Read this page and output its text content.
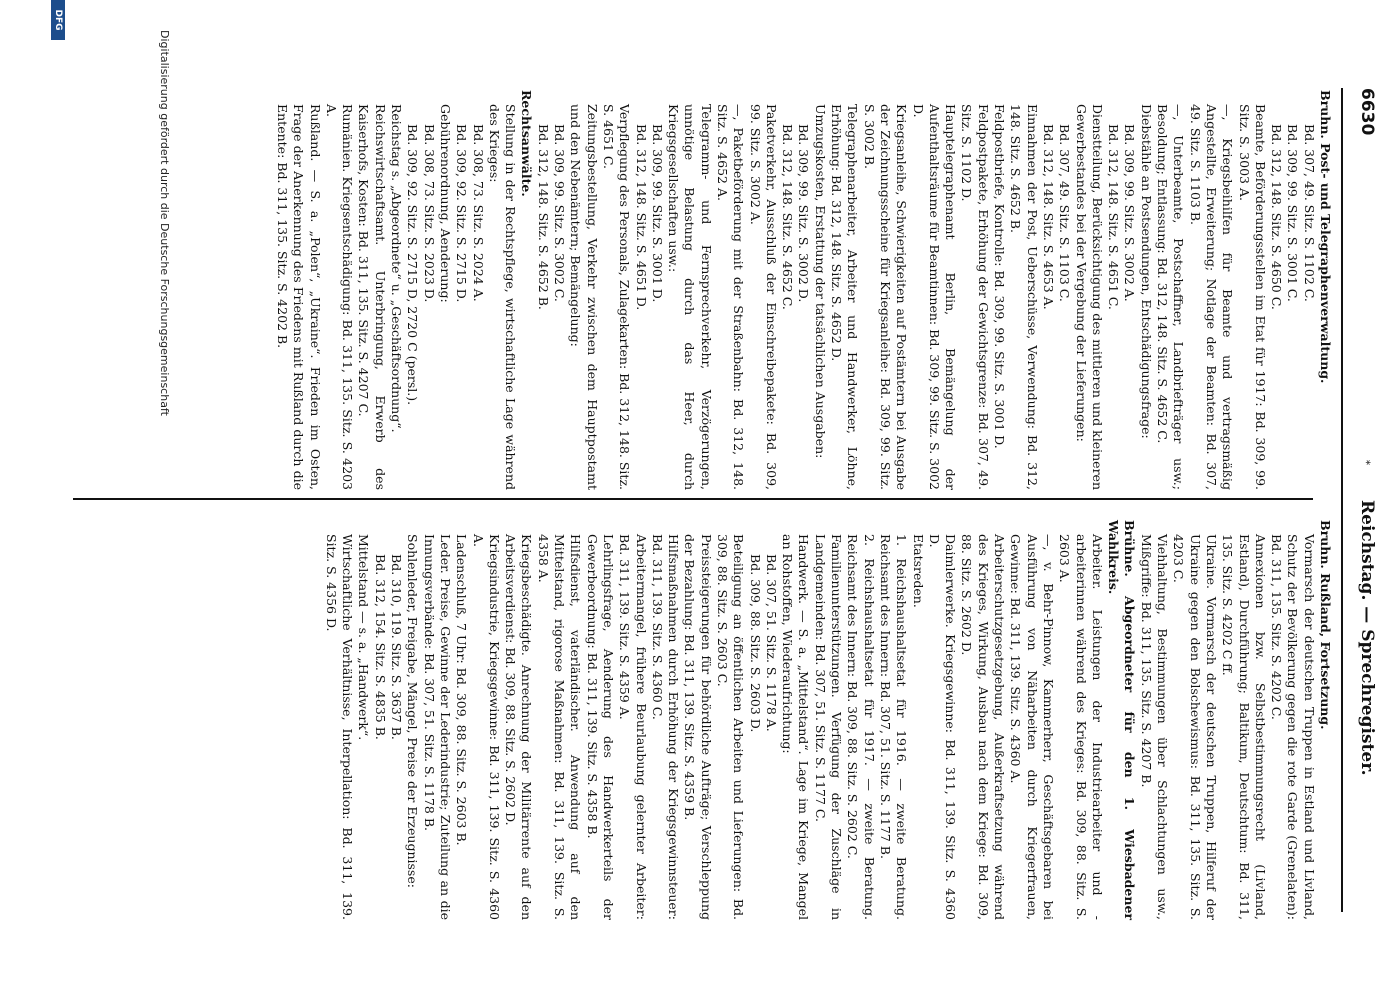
6630
*
Reichstag. — Sprechregister.

Bruhn. Post- und Telegraphenverwaltung.

Bd. 307, 49. Sitz. S. 1102 C.

Bd. 309, 99. Sitz. S. 3001 C.

Bd. 312, 148. Sitz. S. 4650 C.

Beamte, Beförderungsstellen im Etat für 1917: Bd. 309, 99. Sitz. S. 3003 A.

—, Kriegsbeihilfen für Beamte und vertragsmäßig Angestellte, Erweiterung; Notlage der Beamten: Bd. 307, 49. Sitz. S. 1103 B.

—, Unterbeamte, Postschaffner, Landbriefträger usw.; Besoldung; Entlassung: Bd. 312, 148. Sitz. S. 4652 C.

Diebstähle an Postsendungen, Entschädigungsfrage:

Bd. 309, 99. Sitz. S. 3002 A.

Bd. 312, 148. Sitz. S. 4651 C.

Dienstteilung, Berücksichtigung des mittleren und kleineren Gewerbestandes bei der Vergebung der Lieferungen:

Bd. 307, 49. Sitz. S. 1103 C.

Bd. 312, 148. Sitz. S. 4653 A.

Einnahmen der Post, Ueberschüsse, Verwendung: Bd. 312, 148. Sitz. S. 4652 B.

Feldpostbriefe, Kontrolle: Bd. 309, 99. Sitz. S. 3001 D.

Feldpostpakete, Erhöhung der Gewichtsgrenze: Bd. 307, 49. Sitz. S. 1102 D.

Hauptelegraphenamt Berlin, Bemängelung der Aufenthaltsräume für Beamtinnen: Bd. 309, 99. Sitz. S. 3002 D.

Kriegsanleihe, Schwierigkeiten auf Postämtern bei Ausgabe der Zeichnungsscheine für Kriegsanleihe: Bd. 309, 99. Sitz. S. 3002 B.

Telegraphenarbeiter, Arbeiter und Handwerker, Löhne, Erhöhung: Bd. 312, 148. Sitz. S. 4652 D.

Umzugskosten, Erstattung der tatsächlichen Ausgaben:

Bd. 309, 99. Sitz. S. 3002 D.

Bd. 312, 148. Sitz. S. 4652 C.

Paketverkehr, Ausschluß der Einschreibepakete: Bd. 309, 99. Sitz. S. 3002 A.

—, Paketbeförderung mit der Straßenbahn: Bd. 312, 148. Sitz. S. 4652 A.

Telegramm- und Fernsprechverkehr, Verzögerungen, unnötige Belastung durch das Heer, durch Kriegsgesellschaften usw.:

Bd. 309, 99. Sitz. S. 3001 D.

Bd. 312, 148. Sitz. S. 4651 D.

Verpflegung des Personals, Zulagekarten: Bd. 312, 148. Sitz. S. 4651 C.

Zeitungsbestellung, Verkehr zwischen dem Hauptpostamt und den Nebenämtern; Bemängelung:

Bd. 309, 99. Sitz. S. 3002 C.

Bd. 312, 148. Sitz. S. 4652 B.

Rechtsanwälte.

Stellung in der Rechtspflege, wirtschaftliche Lage während des Krieges:

Bd. 308, 73. Sitz. S. 2024 A.

Bd. 309, 92. Sitz. S. 2715 D.

Gebührenordnung, Aenderung:

Bd. 308, 73. Sitz. S. 2023 D.

Bd. 309, 92. Sitz. S. 2715 D, 2720 C (persl.).

Reichstag s. „Abgeordnete“ u. „Geschäftsordnung“.

Reichswirtschaftsamt. Unterbringung, Erwerb des Kaiserhofs, Kosten: Bd. 311, 135. Sitz. S. 4207 C.

Rumänien. Kriegsentschädigung: Bd. 311, 135. Sitz. S. 4203 A.

Rußland. — S. a. „Polen“, „Ukraine“. Frieden im Osten, Frage der Anerkennung des Friedens mit Rußland durch die Entente: Bd. 311, 135. Sitz. S. 4202 B.

Bruhn. Rußland, Fortsetzung.

Vormarsch der deutschen Truppen in Estland und Livland, Schutz der Bevölkerung gegen die rote Garde (Grenelaten): Bd. 311, 135. Sitz. S. 4202 C.

Annexionen bzw. Selbstbestimmungsrecht (Livland, Estland), Durchführung; Baltikum, Deutschtum: Bd. 311, 135. Sitz. S. 4202 C ff.

Ukraine. Vormarsch der deutschen Truppen, Hilferuf der Ukraine gegen den Bolschewismus: Bd. 311, 135. Sitz. S. 4203 C.

Viehhaltung, Bestimmungen über Schlachtungen usw., Mißgriffe: Bd. 311, 135. Sitz. S. 4207 B.

Brühne. Abgeordneter für den 1. Wiesbadener Wahlkreis.

Arbeiter. Leistungen der Industriearbeiter und -arbeiterinnen während des Krieges: Bd. 309, 88. Sitz. S. 2603 A.

—, v. Behr-Pinnow, Kammerherr, Geschäftsgebaren bei Ausführung von Näharbeiten durch Kriegerfrauen, Gewinne: Bd. 311, 139. Sitz. S. 4360 A.

Arbeiterschutzgesetzgebung, Außerkraftsetzung während des Krieges, Wirkung, Ausbau nach dem Kriege: Bd. 309, 88. Sitz. S. 2602 D.

Daimlerwerke. Kriegsgewinne: Bd. 311, 139. Sitz. S. 4360 D.

Etatsreden.

1. Reichshaushaltsetat für 1916. — zweite Beratung. Reichsamt des Innern: Bd. 307, 51. Sitz. S. 1177 B.

2. Reichshaushaltsetat für 1917. — zweite Beratung. Reichsamt des Innern: Bd. 309, 88. Sitz. S. 2602 C.

Familienunterstützungen. Verfügung der Zuschläge in Landgemeinden: Bd. 307, 51. Sitz. S. 1177 C.

Handwerk. — S. a. „Mittelstand“. Lage im Kriege, Mangel an Rohstoffen, Wiederaufrichtung:

Bd. 307, 51. Sitz. S. 1178 A.

Bd. 309, 88. Sitz. S. 2603 D.

Beteiligung an öffentlichen Arbeiten und Lieferungen: Bd. 309, 88. Sitz. S. 2603 C.

Preissteigerungen für behördliche Aufträge; Verschleppung der Bezahlung: Bd. 311, 139. Sitz. S. 4359 B.

Hilfsmaßnahmen durch Erhöhung der Kriegsgewinnsteuer: Bd. 311, 139. Sitz. S. 4360 C.

Arbeitermangel, frühere Beurlaubung gelernter Arbeiter: Bd. 311, 139. Sitz. S. 4359 A.

Lehrlingsfrage, Aenderung des Handwerkerteils der Gewerbeordnung: Bd. 311, 139. Sitz. S. 4358 B.

Hilfsdienst, vaterländischer. Anwendung auf den Mittelstand, rigorose Maßnahmen: Bd. 311, 139. Sitz. S. 4358 A.

Kriegsbeschädigte. Anrechnung der Militärrente auf den Arbeitsverdienst: Bd. 309, 88. Sitz. S. 2602 D.

Kriegsindustrie, Kriegsgewinne: Bd. 311, 139. Sitz. S. 4360 A.

Ladenschluß, 7 Uhr: Bd. 309, 88. Sitz. S. 2603 B.

Leder. Preise, Gewinne der Lederindustrie; Zuteilung an die Innungsverbände: Bd. 307, 51. Sitz. S. 1178 B.

Sohlenleder, Freigabe, Mängel, Preise der Erzeugnisse:

Bd. 310, 119. Sitz. S. 3637 B.

Bd. 312, 154. Sitz. S. 4835 B.

Mittelstand — s. a. „Handwerk“.

Wirtschaftliche Verhältnisse, Interpellation: Bd. 311, 139. Sitz. S. 4356 D.

Digitalisierung gefördert durch die Deutsche Forschungsgemeinschaft
DFG
